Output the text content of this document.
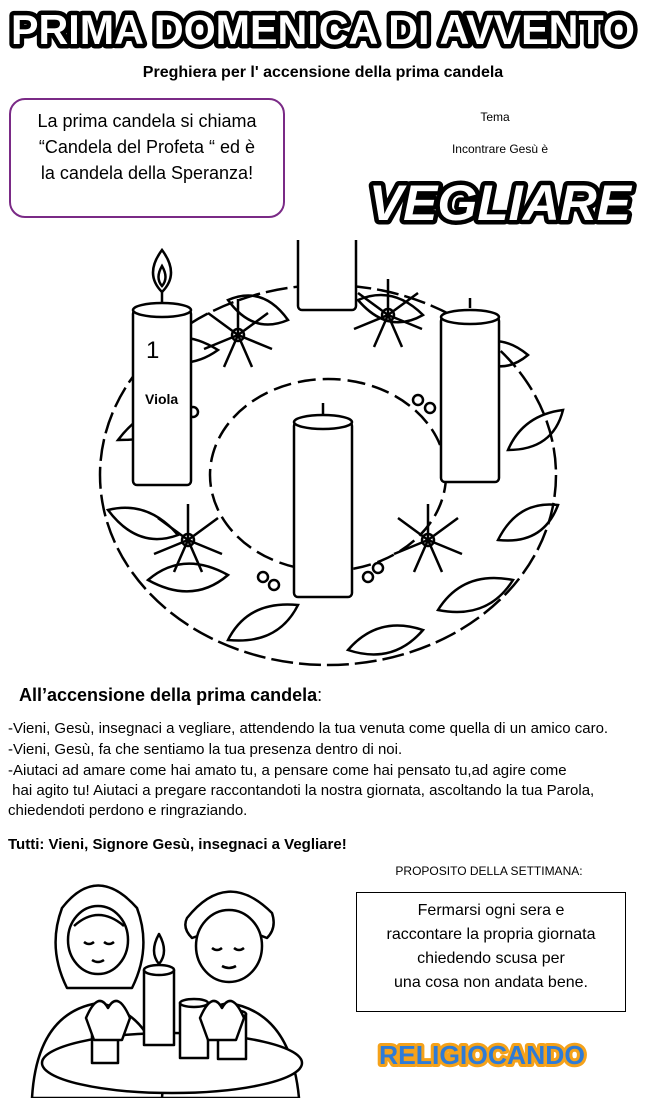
PRIMA DOMENICA DI AVVENTO
Preghiera per l' accensione della prima candela
La prima candela si chiama
“Candela del Profeta “ ed è
la candela della Speranza!
Tema
Incontrare Gesù è
VEGLIARE
1
Viola
All’accensione della prima candela:
-Vieni, Gesù, insegnaci a vegliare, attendendo la tua venuta come quella di un amico caro.
-Vieni, Gesù, fa che sentiamo la tua presenza dentro di noi.
-Aiutaci ad amare come hai amato tu, a pensare come hai pensato tu,ad agire come
hai agito tu! Aiutaci a pregare raccontandoti la nostra giornata, ascoltando la tua Parola,
chiedendoti perdono e ringraziando.
Tutti: Vieni, Signore Gesù, insegnaci a Vegliare!
PROPOSITO DELLA SETTIMANA:
Fermarsi ogni sera e
raccontare la propria giornata
chiedendo scusa per
una cosa non andata bene.
RELIGIOCANDO
